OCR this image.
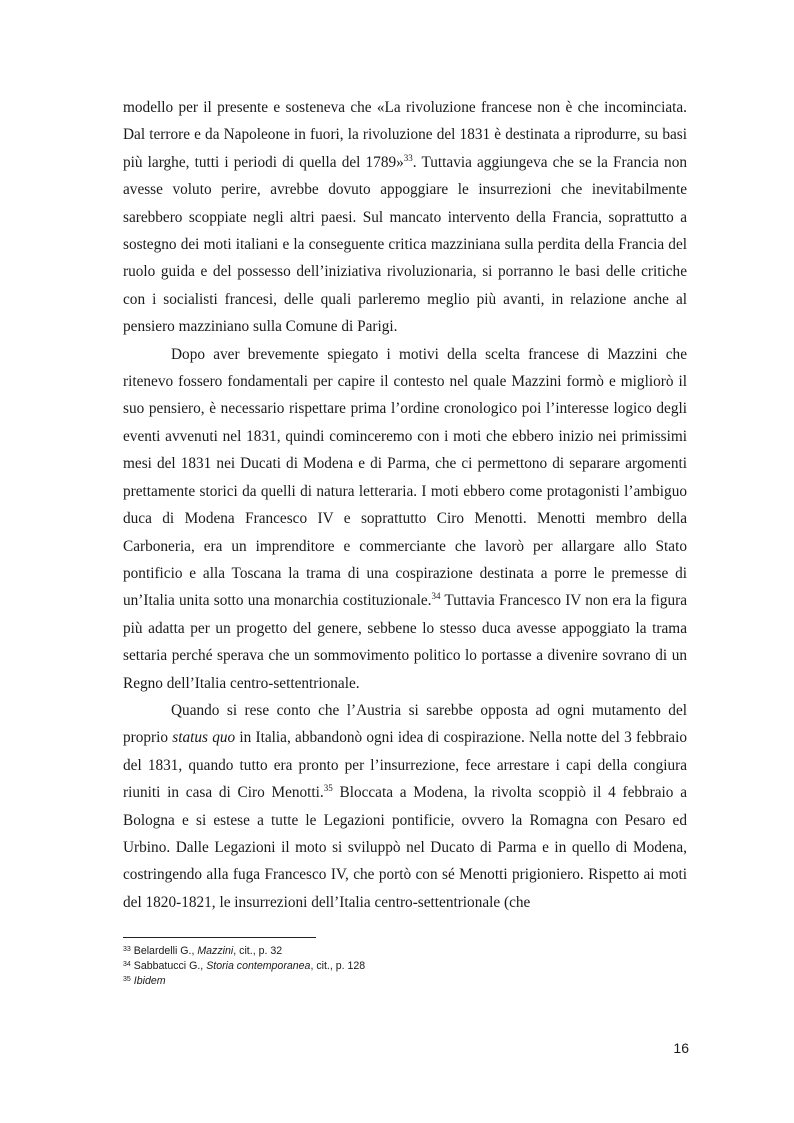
modello per il presente e sosteneva che «La rivoluzione francese non è che incominciata. Dal terrore e da Napoleone in fuori, la rivoluzione del 1831 è destinata a riprodurre, su basi più larghe, tutti i periodi di quella del 1789»$^{33}$. Tuttavia aggiungeva che se la Francia non avesse voluto perire, avrebbe dovuto appoggiare le insurrezioni che inevitabilmente sarebbero scoppiate negli altri paesi. Sul mancato intervento della Francia, soprattutto a sostegno dei moti italiani e la conseguente critica mazziniana sulla perdita della Francia del ruolo guida e del possesso dell’iniziativa rivoluzionaria, si porranno le basi delle critiche con i socialisti francesi, delle quali parleremo meglio più avanti, in relazione anche al pensiero mazziniano sulla Comune di Parigi.

Dopo aver brevemente spiegato i motivi della scelta francese di Mazzini che ritenevo fossero fondamentali per capire il contesto nel quale Mazzini formò e migliorò il suo pensiero, è necessario rispettare prima l’ordine cronologico poi l’interesse logico degli eventi avvenuti nel 1831, quindi cominceremo con i moti che ebbero inizio nei primissimi mesi del 1831 nei Ducati di Modena e di Parma, che ci permettono di separare argomenti prettamente storici da quelli di natura letteraria. I moti ebbero come protagonisti l’ambiguo duca di Modena Francesco IV e soprattutto Ciro Menotti. Menotti membro della Carboneria, era un imprenditore e commerciante che lavorò per allargare allo Stato pontificio e alla Toscana la trama di una cospirazione destinata a porre le premesse di un’Italia unita sotto una monarchia costituzionale.$^{34}$ Tuttavia Francesco IV non era la figura più adatta per un progetto del genere, sebbene lo stesso duca avesse appoggiato la trama settaria perché sperava che un sommovimento politico lo portasse a divenire sovrano di un Regno dell’Italia centro-settentrionale.

Quando si rese conto che l’Austria si sarebbe opposta ad ogni mutamento del proprio status quo in Italia, abbandonò ogni idea di cospirazione. Nella notte del 3 febbraio del 1831, quando tutto era pronto per l’insurrezione, fece arrestare i capi della congiura riuniti in casa di Ciro Menotti.$^{35}$ Bloccata a Modena, la rivolta scoppiò il 4 febbraio a Bologna e si estese a tutte le Legazioni pontificie, ovvero la Romagna con Pesaro ed Urbino. Dalle Legazioni il moto si sviluppò nel Ducato di Parma e in quello di Modena, costringendo alla fuga Francesco IV, che portò con sé Menotti prigioniero. Rispetto ai moti del 1820-1821, le insurrezioni dell’Italia centro-settentrionale (che

$^{33}$ Belardelli G., Mazzini, cit., p. 32

$^{34}$ Sabbatucci G., Storia contemporanea, cit., p. 128

$^{35}$ Ibidem

16
